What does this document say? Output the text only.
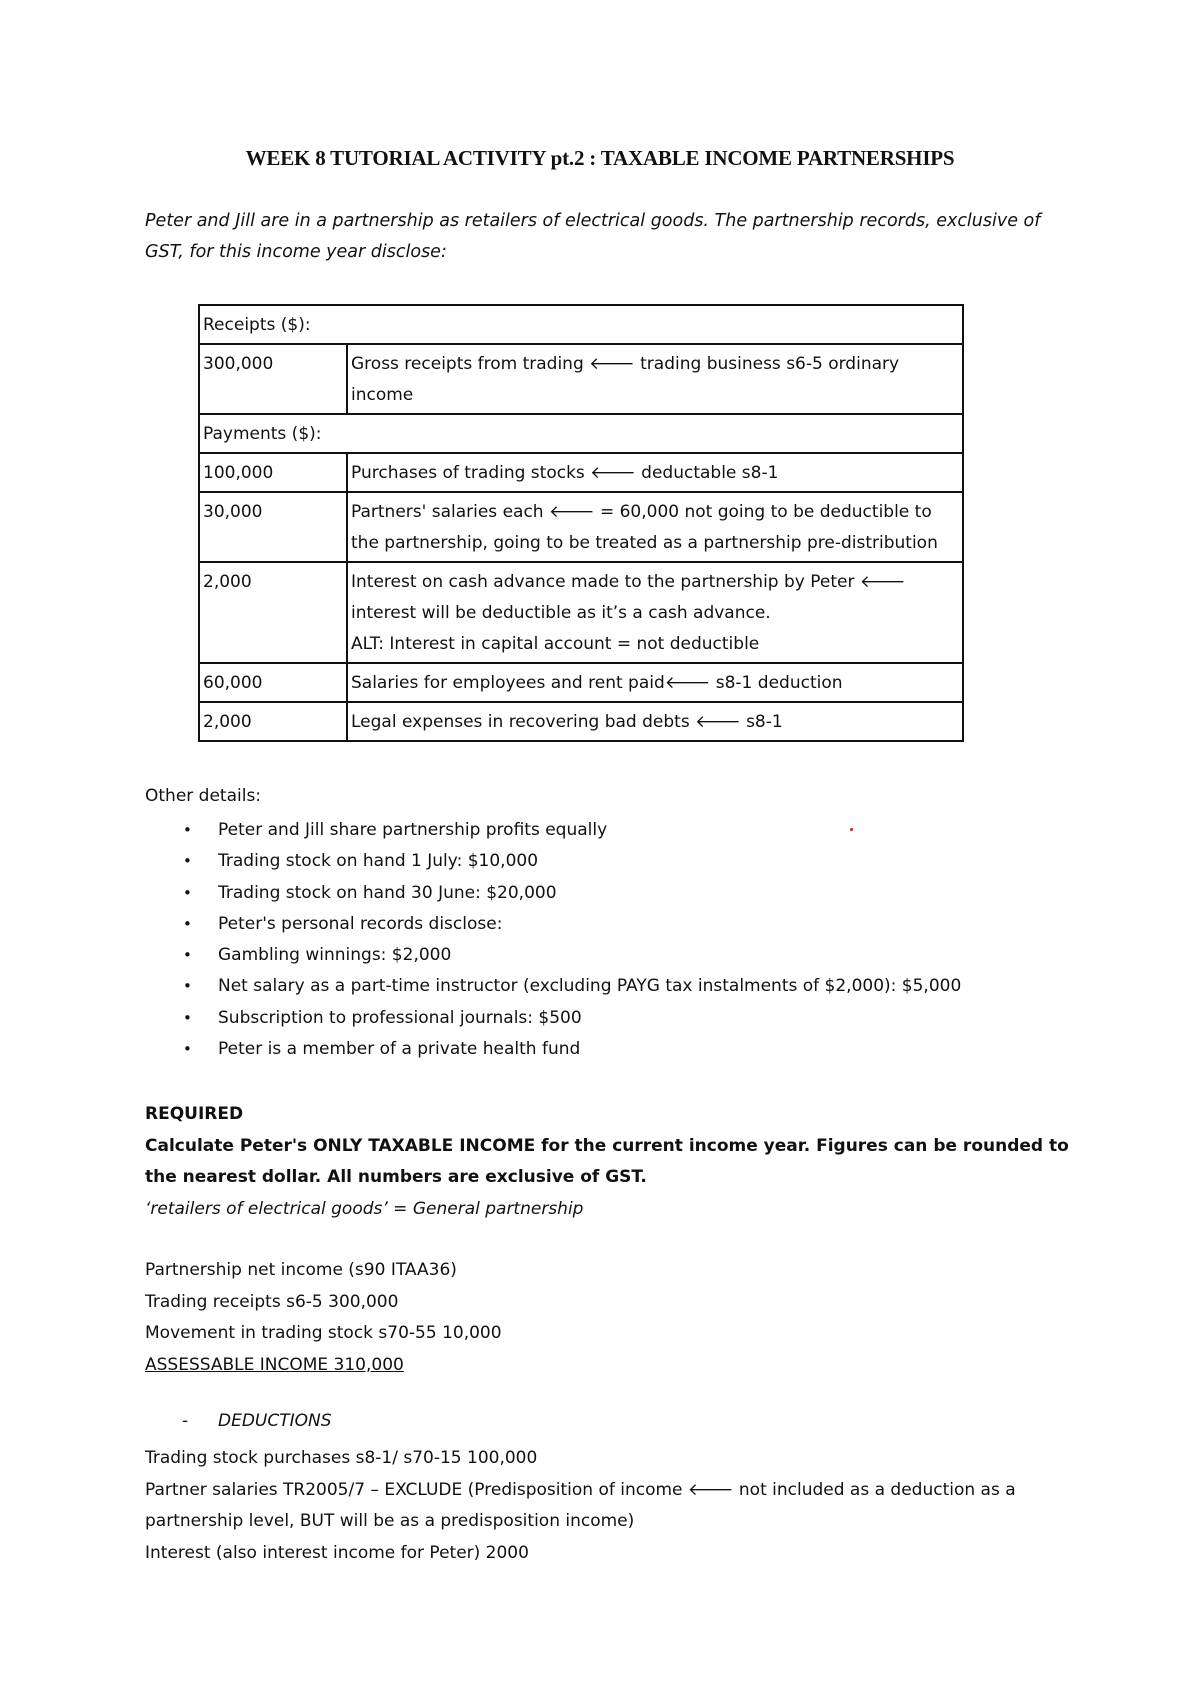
WEEK 8 TUTORIAL ACTIVITY pt.2 : TAXABLE INCOME PARTNERSHIPS

Peter and Jill are in a partnership as retailers of electrical goods. The partnership records, exclusive of GST, for this income year disclose:

Receipts ($):	
300,000	Gross receipts from trading 🡐 trading business s6-5 ordinary income
Payments ($):	
100,000	Purchases of trading stocks 🡐 deductable s8-1
30,000	Partners' salaries each 🡐 = 60,000 not going to be deductible to the partnership, going to be treated as a partnership pre-distribution
2,000	Interest on cash advance made to the partnership by Peter 🡐 interest will be deductible as it’s a cash advance.
ALT: Interest in capital account = not deductible
60,000	Salaries for employees and rent paid🡐 s8-1 deduction
2,000	Legal expenses in recovering bad debts 🡐 s8-1

Other details:

• Peter and Jill share partnership profits equally
• Trading stock on hand 1 July: $10,000
• Trading stock on hand 30 June: $20,000
• Peter's personal records disclose:
• Gambling winnings: $2,000
• Net salary as a part-time instructor (excluding PAYG tax instalments of $2,000): $5,000
• Subscription to professional journals: $500
• Peter is a member of a private health fund
REQUIRED
Calculate Peter's ONLY TAXABLE INCOME for the current income year. Figures can be rounded to the nearest dollar. All numbers are exclusive of GST.
‘retailers of electrical goods’ = General partnership
Partnership net income (s90 ITAA36)
Trading receipts s6-5 300,000
Movement in trading stock s70-55 10,000
ASSESSABLE INCOME 310,000

- DEDUCTIONS

Trading stock purchases s8-1/ s70-15 100,000
Partner salaries TR2005/7 – EXCLUDE (Predisposition of income 🡐 not included as a deduction as a partnership level, BUT will be as a predisposition income)
Interest (also interest income for Peter) 2000
